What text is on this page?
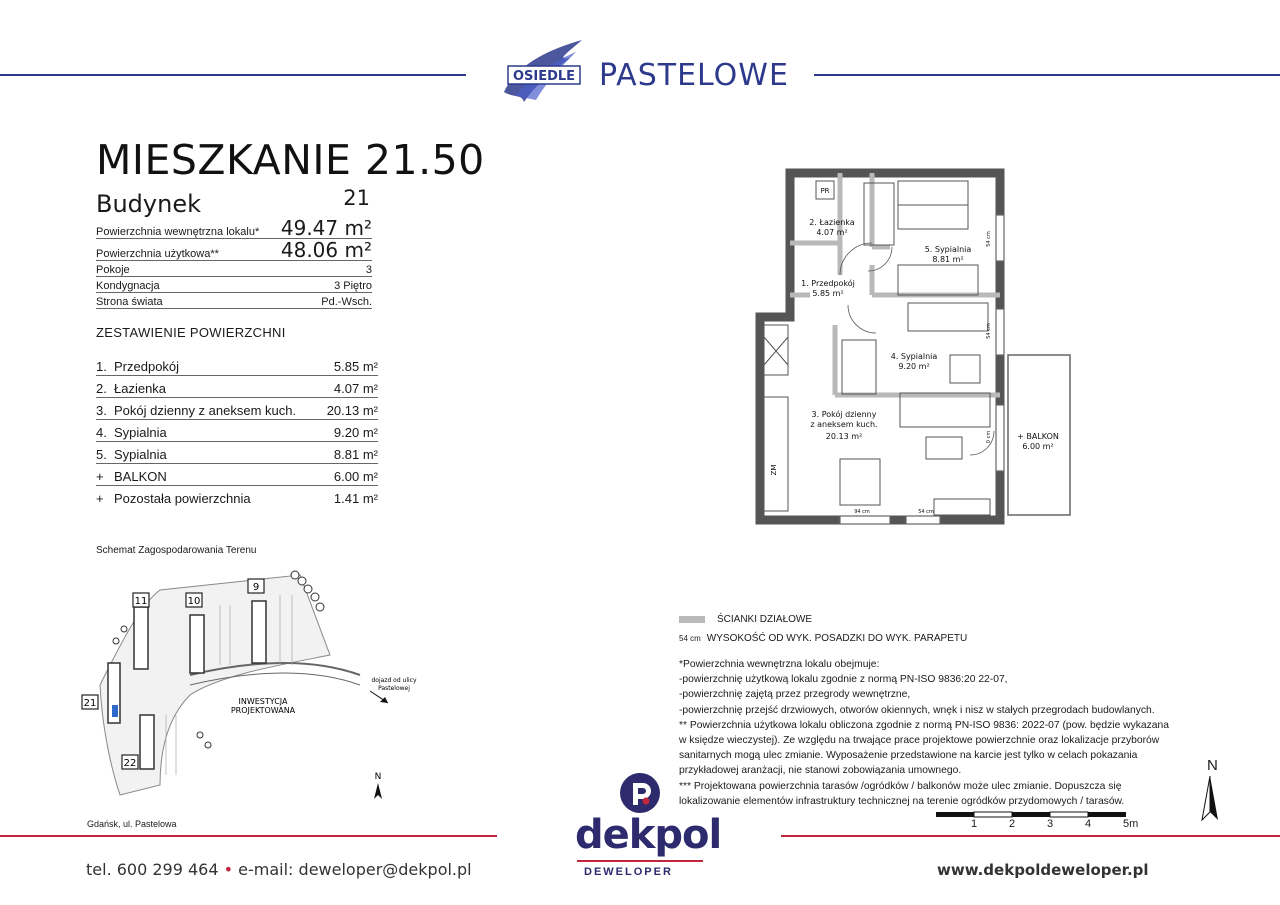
OSIEDLE PASTELOWE
MIESZKANIE 21.50
Budynek	21
Powierzchnia wewnętrzna lokalu* 49.47 m²
Powierzchnia użytkowa**	48.06 m²
Pokoje	3
Kondygnacja	3 Piętro
Strona świata	Pd.-Wsch.
ZESTAWIENIE POWIERZCHNI
1. Przedpokój	5.85 m²
2. Łazienka	4.07 m²
3. Pokój dzienny z aneksem kuch.	20.13 m²
4. Sypialnia	9.20 m²
5. Sypialnia	8.81 m²
+ BALKON	6.00 m²
+ Pozostała powierzchnia	1.41 m²
2. Łazienka
4.07 m²
1. Przedpokój
5.85 m²
5. Sypialnia
8.81 m²
4. Sypialnia
9.20 m²
3. Pokój dzienny
z aneksem kuch.
20.13 m²	+ BALKON
6.00 m²
PR
ZM
94 cm	54 cm
54 cm
54 cm
0 cm
Schemat Zagospodarowania Terenu
11	10
9
21
22
INWESTYCJA
PROJEKTOWANA
dojazd od ulicy
Pastelowej
N
Gdańsk, ul. Pastelowa
ŚCIANKI DZIAŁOWE
54 cm WYSOKOŚĆ OD WYK. POSADZKI DO WYK. PARAPETU
*Powierzchnia wewnętrzna lokalu obejmuje:
-powierzchnię użytkową lokalu zgodnie z normą PN-ISO 9836:20 22-07,
-powierzchnię zajętą przez przegrody wewnętrzne,
-powierzchnię przejść drzwiowych, otworów okiennych, wnęk i nisz w stałych przegrodach budowlanych.
** Powierzchnia użytkowa lokalu obliczona zgodnie z normą PN-ISO 9836: 2022-07 (pow. będzie wykazana
w księdze wieczystej). Ze względu na trwające prace projektowe powierzchnie oraz lokalizacje przyborów
sanitarnych mogą ulec zmianie. Wyposażenie przedstawione na karcie jest tylko w celach pokazania
przykładowej aranżacji, nie stanowi zobowiązania umownego.
*** Projektowana powierzchnia tarasów /ogródków / balkonów może ulec zmianie. Dopuszcza się
lokalizowanie elementów infrastruktury technicznej na terenie ogródków przydomowych / tarasów.
1	2	3	4	5m
N
dekpol
DEWELOPER
tel. 600 299 464 • e-mail: deweloper@dekpol.pl	www.dekpoldeweloper.pl
